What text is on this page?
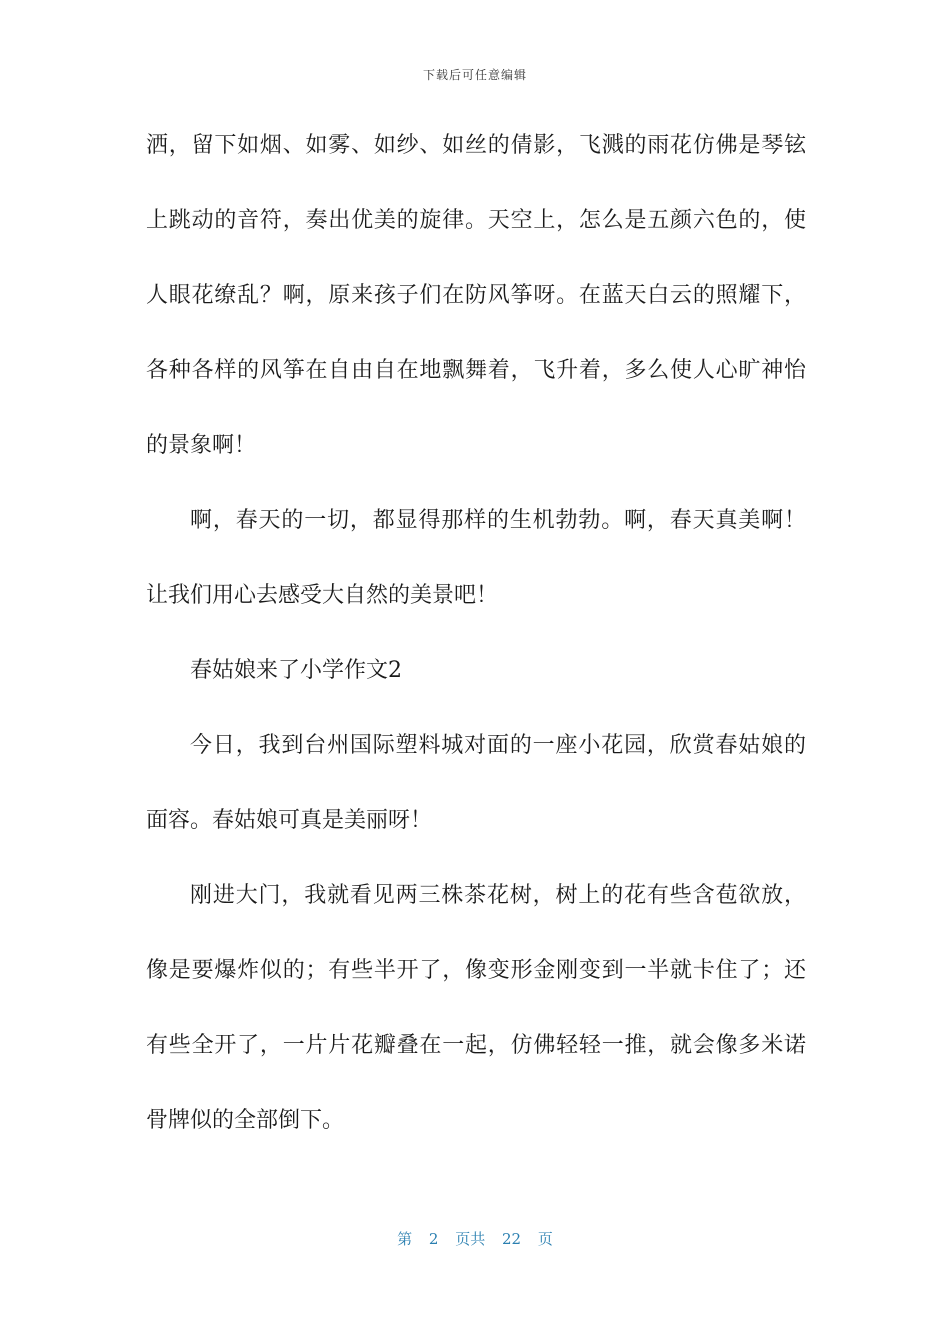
下载后可任意编辑
洒，留下如烟、如雾、如纱、如丝的倩影，飞溅的雨花仿佛是琴铉
上跳动的音符，奏出优美的旋律。天空上，怎么是五颜六色的，使
人眼花缭乱？啊，原来孩子们在防风筝呀。在蓝天白云的照耀下，
各种各样的风筝在自由自在地飘舞着，飞升着，多么使人心旷神怡
的景象啊！
啊，春天的一切，都显得那样的生机勃勃。啊，春天真美啊！
让我们用心去感受大自然的美景吧！
春姑娘来了小学作文2
今日，我到台州国际塑料城对面的一座小花园，欣赏春姑娘的
面容。春姑娘可真是美丽呀！
刚进大门，我就看见两三株茶花树，树上的花有些含苞欲放，
像是要爆炸似的；有些半开了，像变形金刚变到一半就卡住了；还
有些全开了，一片片花瓣叠在一起，仿佛轻轻一推，就会像多米诺
骨牌似的全部倒下。
第 2 页共 22 页
